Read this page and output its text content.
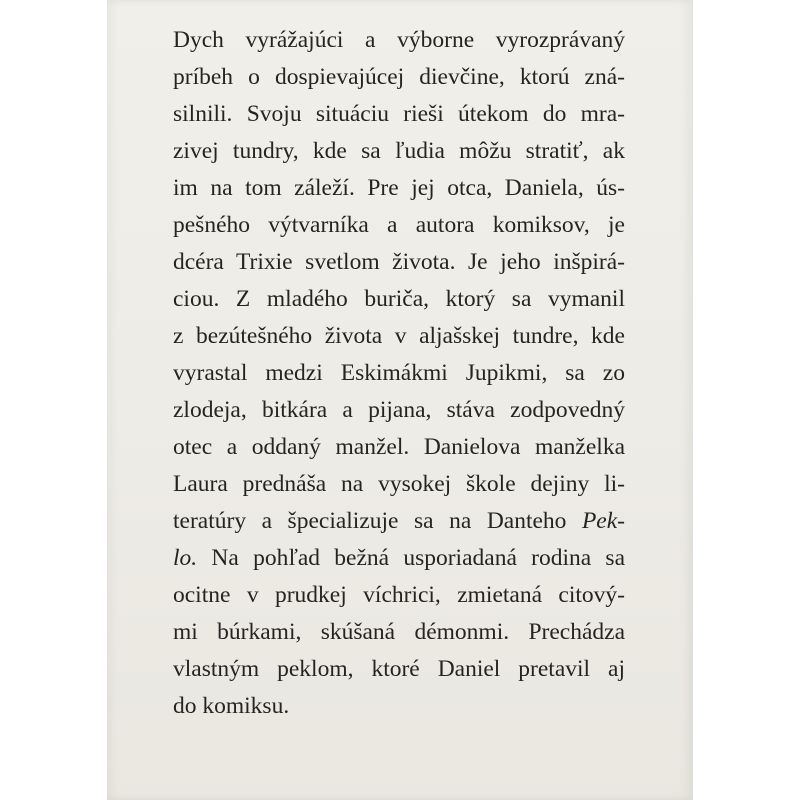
Dych vyrážajúci a výborne vyrozprávaný
príbeh o dospievajúcej dievčine, ktorú zná-
silnili. Svoju situáciu rieši útekom do mra-
zivej tundry, kde sa ľudia môžu stratiť, ak
im na tom záleží. Pre jej otca, Daniela, ús-
pešného výtvarníka a autora komiksov, je
dcéra Trixie svetlom života. Je jeho inšpirá-
ciou. Z mladého buriča, ktorý sa vymanil
z bezútešného života v aljašskej tundre, kde
vyrastal medzi Eskimákmi Jupikmi, sa zo
zlodeja, bitkára a pijana, stáva zodpovedný
otec a oddaný manžel. Danielova manželka
Laura prednáša na vysokej škole dejiny li-
teratúry a špecializuje sa na Danteho Pek-
lo. Na pohľad bežná usporiadaná rodina sa
ocitne v prudkej víchrici, zmietaná citový-
mi búrkami, skúšaná démonmi. Prechádza
vlastným peklom, ktoré Daniel pretavil aj
do komiksu.
